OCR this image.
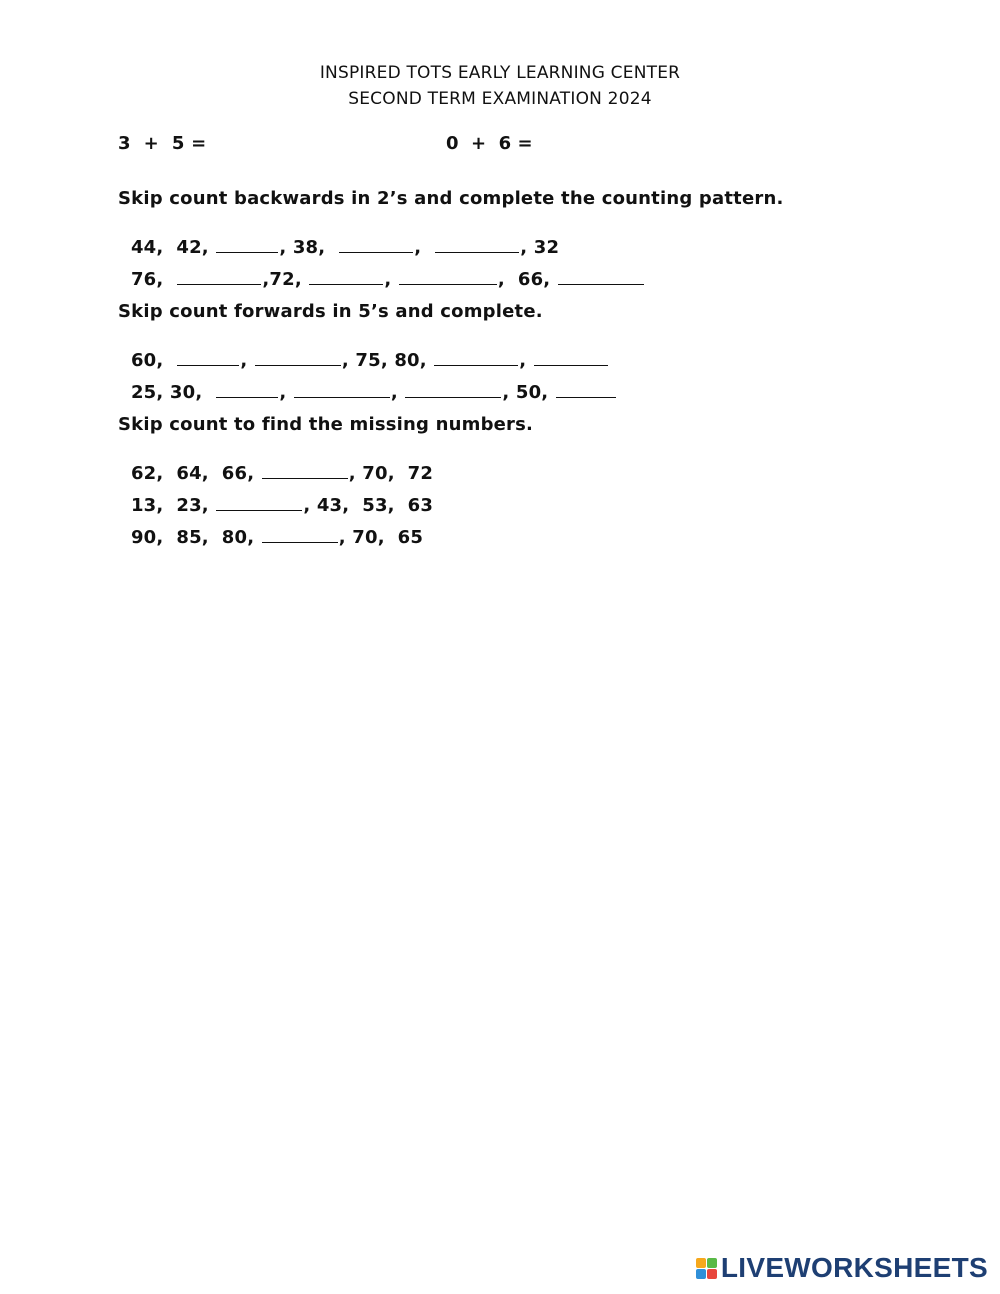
INSPIRED TOTS EARLY LEARNING CENTER
SECOND TERM EXAMINATION 2024
3  +  5 =	0  +  6 =
Skip count backwards in 2’s and complete the counting pattern.

44,  42,	, 38,	,	, 32

76,	,72,	,	,  66,

Skip count forwards in 5’s and complete.

60,	,	, 75, 80,	,

25, 30,	,	,	, 50,

Skip count to find the missing numbers.

62,  64,  66,	, 70,  72

13,  23,	, 43,  53,  63

90,  85,  80,	, 70,  65

LIVEWORKSHEETS
